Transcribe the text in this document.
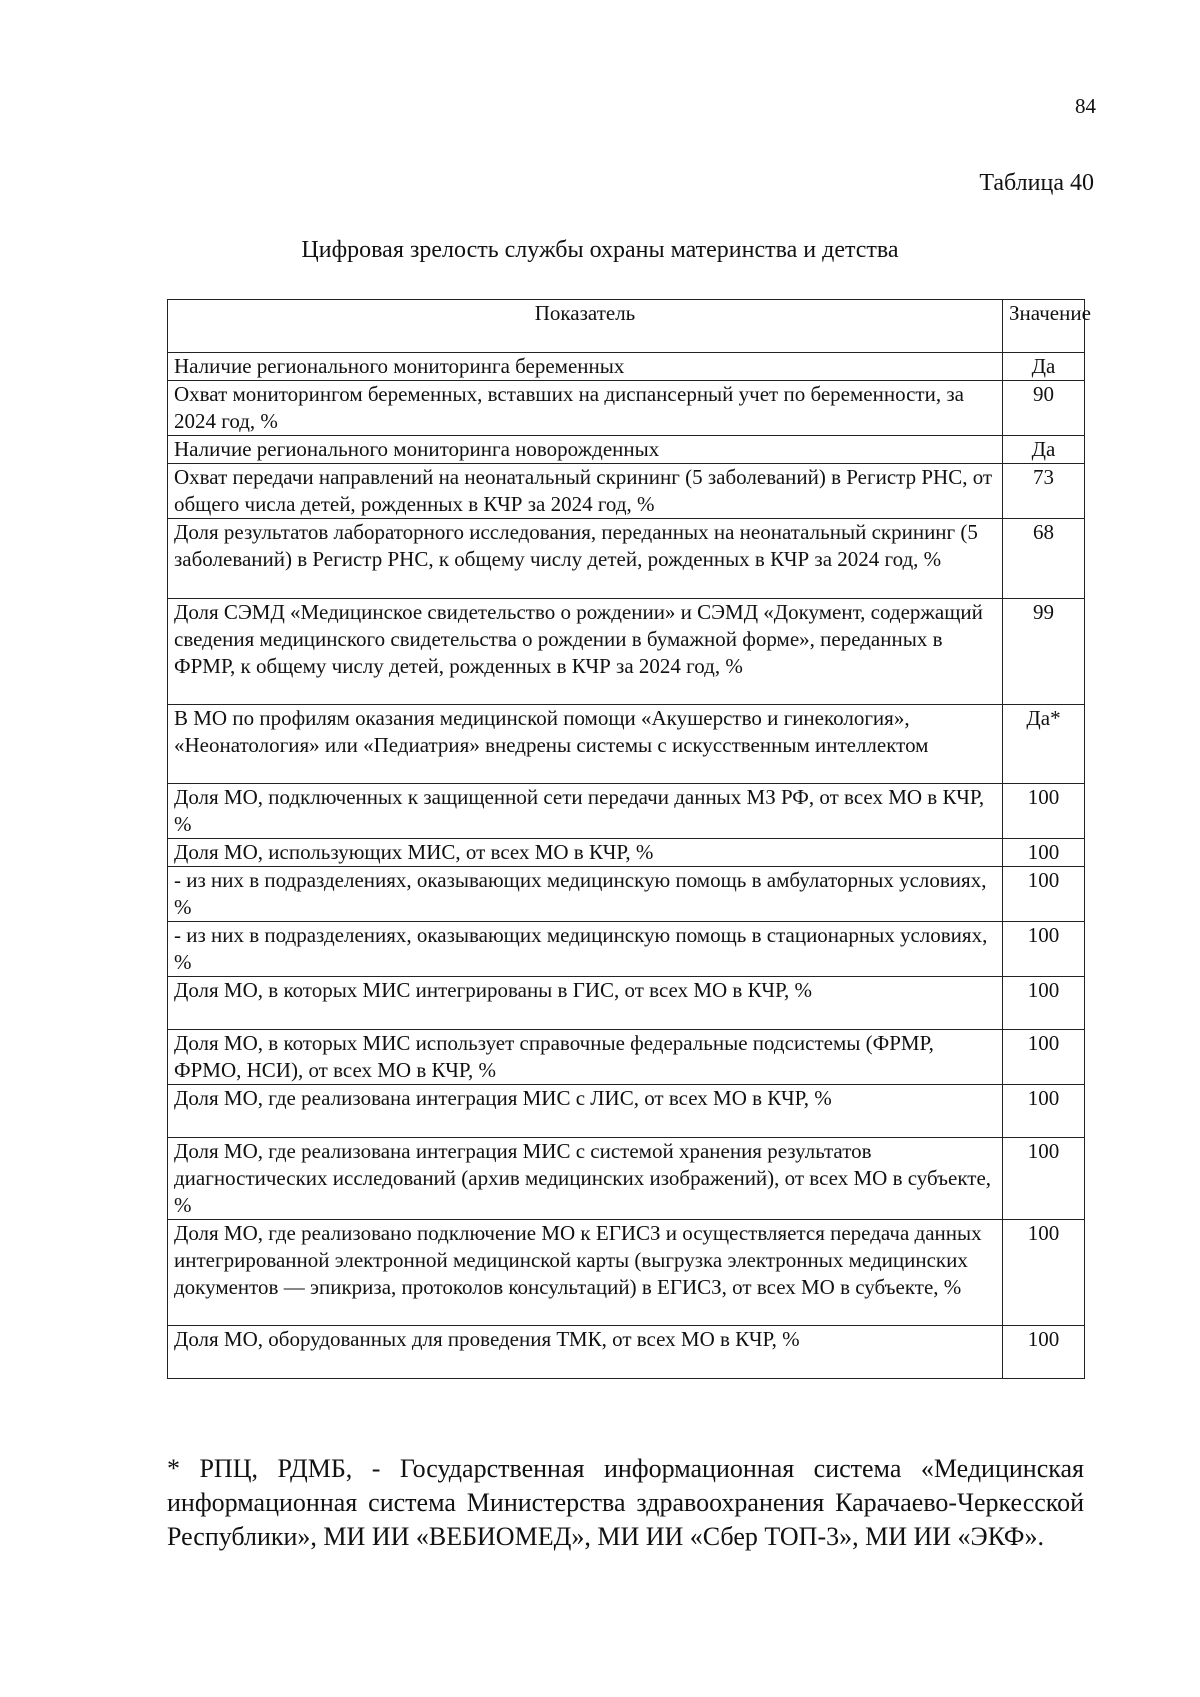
84
Таблица 40
Цифровая зрелость службы охраны материнства и детства
Показатель	Значение
Наличие регионального мониторинга беременных	Да
Охват мониторингом беременных, вставших на диспансерный учет по беременности, за 2024 год, %	90
Наличие регионального мониторинга новорожденных	Да
Охват передачи направлений на неонатальный скрининг (5 заболеваний) в Регистр РНС, от общего числа детей, рожденных в КЧР за 2024 год, %	73
Доля результатов лабораторного исследования, переданных на неонатальный скрининг (5 заболеваний) в Регистр РНС, к общему числу детей, рожденных в КЧР за 2024 год, %	68
Доля СЭМД «Медицинское свидетельство о рождении» и СЭМД «Документ, содержащий сведения медицинского свидетельства о рождении в бумажной форме», переданных в ФРМР, к общему числу детей, рожденных в КЧР за 2024 год, %	99
В МО по профилям оказания медицинской помощи «Акушерство и гинекология», «Неонатология» или «Педиатрия» внедрены системы с искусственным интеллектом	Да*
Доля МО, подключенных к защищенной сети передачи данных МЗ РФ, от всех МО в КЧР, %	100
Доля МО, использующих МИС, от всех МО в КЧР, %	100
- из них в подразделениях, оказывающих медицинскую помощь в амбулаторных условиях, %	100
- из них в подразделениях, оказывающих медицинскую помощь в стационарных условиях, %	100
Доля МО, в которых МИС интегрированы в ГИС, от всех МО в КЧР, %	100
Доля МО, в которых МИС использует справочные федеральные подсистемы (ФРМР, ФРМО, НСИ), от всех МО в КЧР, %	100
Доля МО, где реализована интеграция МИС с ЛИС, от всех МО в КЧР, %	100
Доля МО, где реализована интеграция МИС с системой хранения результатов диагностических исследований (архив медицинских изображений), от всех МО в субъекте, %	100
Доля МО, где реализовано подключение МО к ЕГИСЗ и осуществляется передача данных интегрированной электронной медицинской карты (выгрузка электронных медицинских документов — эпикриза, протоколов консультаций) в ЕГИСЗ, от всех МО в субъекте, %	100
Доля МО, оборудованных для проведения ТМК, от всех МО в КЧР, %	100
* РПЦ, РДМБ, - Государственная информационная система «Медицинская информационная система Министерства здравоохранения Карачаево-Черкесской Республики», МИ ИИ «ВЕБИОМЕД», МИ ИИ «Сбер ТОП-3», МИ ИИ «ЭКФ».
